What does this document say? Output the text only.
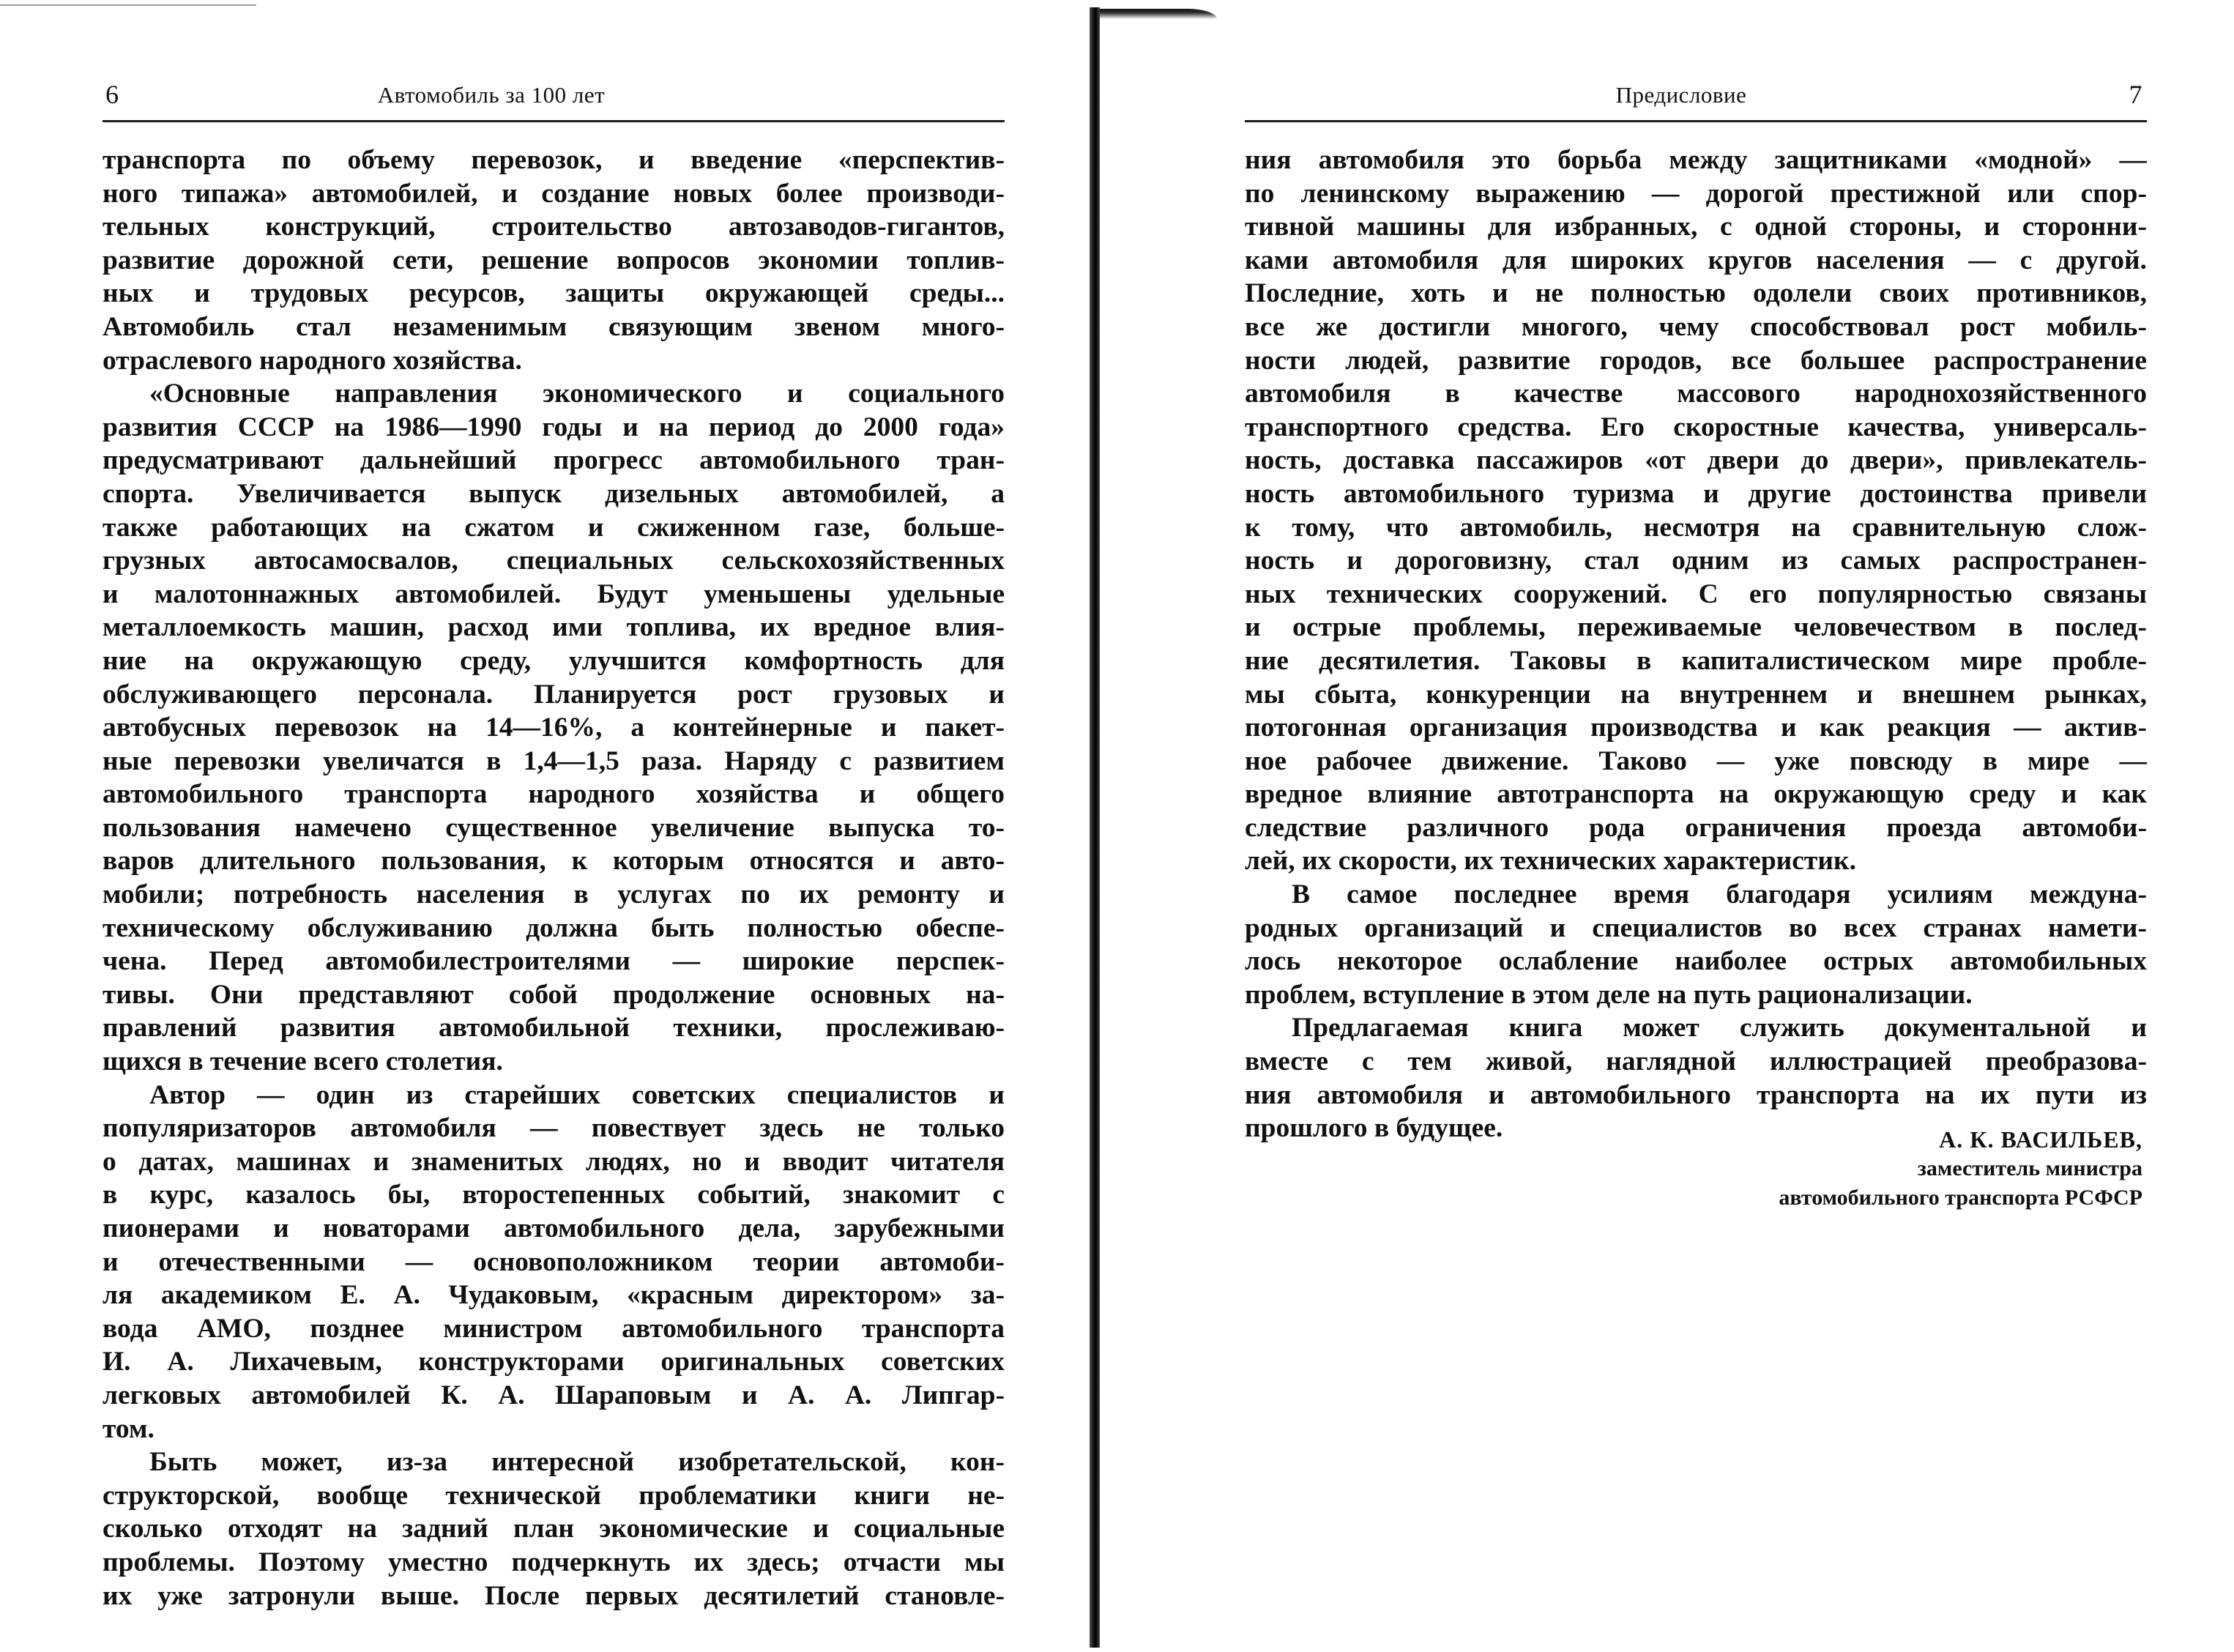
6	Автомобиль за 100 лет
транспорта по объему перевозок, и введение «перспектив-
ного типажа» автомобилей, и создание новых более производи-
тельных конструкций, строительство автозаводов-гигантов,
развитие дорожной сети, решение вопросов экономии топлив-
ных и трудовых ресурсов, защиты окружающей среды...
Автомобиль стал незаменимым связующим звеном много-
отраслевого народного хозяйства.
«Основные направления экономического и социального
развития СССР на 1986—1990 годы и на период до 2000 года»
предусматривают дальнейший прогресс автомобильного тран-
спорта. Увеличивается выпуск дизельных автомобилей, а
также работающих на сжатом и сжиженном газе, больше-
грузных автосамосвалов, специальных сельскохозяйственных
и малотоннажных автомобилей. Будут уменьшены удельные
металлоемкость машин, расход ими топлива, их вредное влия-
ние на окружающую среду, улучшится комфортность для
обслуживающего персонала. Планируется рост грузовых и
автобусных перевозок на 14—16%, а контейнерные и пакет-
ные перевозки увеличатся в 1,4—1,5 раза. Наряду с развитием
автомобильного транспорта народного хозяйства и общего
пользования намечено существенное увеличение выпуска то-
варов длительного пользования, к которым относятся и авто-
мобили; потребность населения в услугах по их ремонту и
техническому обслуживанию должна быть полностью обеспе-
чена. Перед автомобилестроителями — широкие перспек-
тивы. Они представляют собой продолжение основных на-
правлений развития автомобильной техники, прослеживаю-
щихся в течение всего столетия.
Автор — один из старейших советских специалистов и
популяризаторов автомобиля — повествует здесь не только
о датах, машинах и знаменитых людях, но и вводит читателя
в курс, казалось бы, второстепенных событий, знакомит с
пионерами и новаторами автомобильного дела, зарубежными
и отечественными — основоположником теории автомоби-
ля академиком Е. А. Чудаковым, «красным директором» за-
вода АМО, позднее министром автомобильного транспорта
И. А. Лихачевым, конструкторами оригинальных советских
легковых автомобилей К. А. Шараповым и А. А. Липгар-
том.
Быть может, из-за интересной изобретательской, кон-
структорской, вообще технической проблематики книги не-
сколько отходят на задний план экономические и социальные
проблемы. Поэтому уместно подчеркнуть их здесь; отчасти мы
их уже затронули выше. После первых десятилетий становле-
Предисловие	7
ния автомобиля это борьба между защитниками «модной» —
по ленинскому выражению — дорогой престижной или спор-
тивной машины для избранных, с одной стороны, и сторонни-
ками автомобиля для широких кругов населения — с другой.
Последние, хоть и не полностью одолели своих противников,
все же достигли многого, чему способствовал рост мобиль-
ности людей, развитие городов, все большее распространение
автомобиля в качестве массового народнохозяйственного
транспортного средства. Его скоростные качества, универсаль-
ность, доставка пассажиров «от двери до двери», привлекатель-
ность автомобильного туризма и другие достоинства привели
к тому, что автомобиль, несмотря на сравнительную слож-
ность и дороговизну, стал одним из самых распространен-
ных технических сооружений. С его популярностью связаны
и острые проблемы, переживаемые человечеством в послед-
ние десятилетия. Таковы в капиталистическом мире пробле-
мы сбыта, конкуренции на внутреннем и внешнем рынках,
потогонная организация производства и как реакция — актив-
ное рабочее движение. Таково — уже повсюду в мире —
вредное влияние автотранспорта на окружающую среду и как
следствие различного рода ограничения проезда автомоби-
лей, их скорости, их технических характеристик.
В самое последнее время благодаря усилиям междуна-
родных организаций и специалистов во всех странах намети-
лось некоторое ослабление наиболее острых автомобильных
проблем, вступление в этом деле на путь рационализации.
Предлагаемая книга может служить документальной и
вместе с тем живой, наглядной иллюстрацией преобразова-
ния автомобиля и автомобильного транспорта на их пути из
прошлого в будущее.	А. К. ВАСИЛЬЕВ,
заместитель министра
автомобильного транспорта РСФСР
